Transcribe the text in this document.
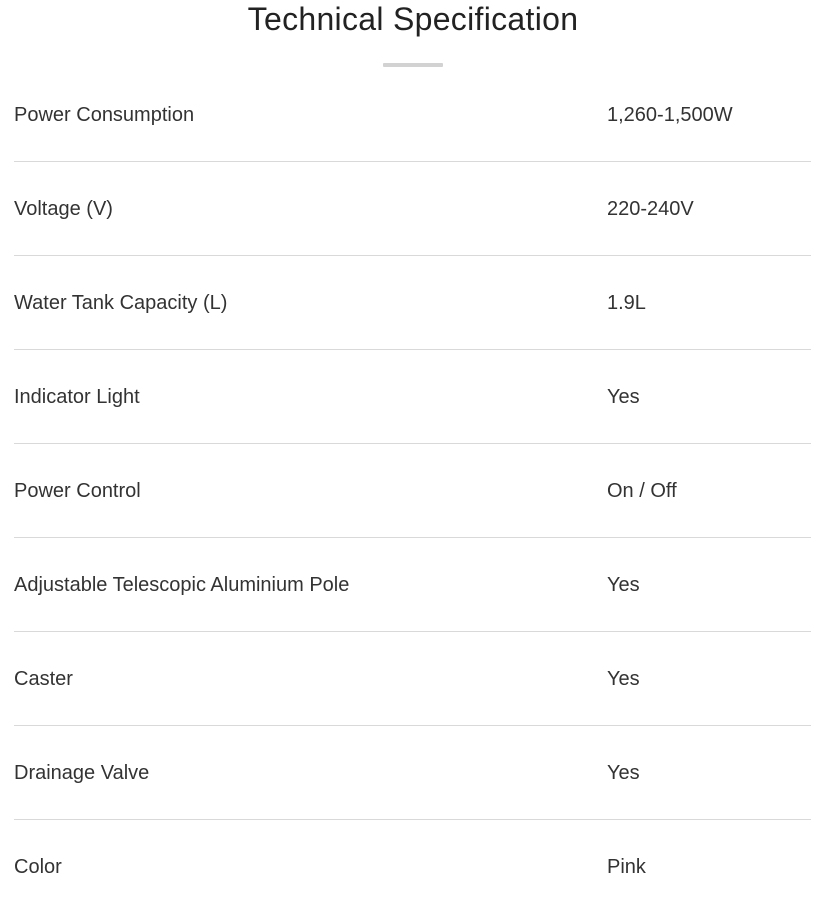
Technical Specification
Power Consumption	1,260-1,500W
Voltage (V)	220-240V
Water Tank Capacity (L)	1.9L
Indicator Light	Yes
Power Control	On / Off
Adjustable Telescopic Aluminium Pole	Yes
Caster	Yes
Drainage Valve	Yes
Color	Pink
